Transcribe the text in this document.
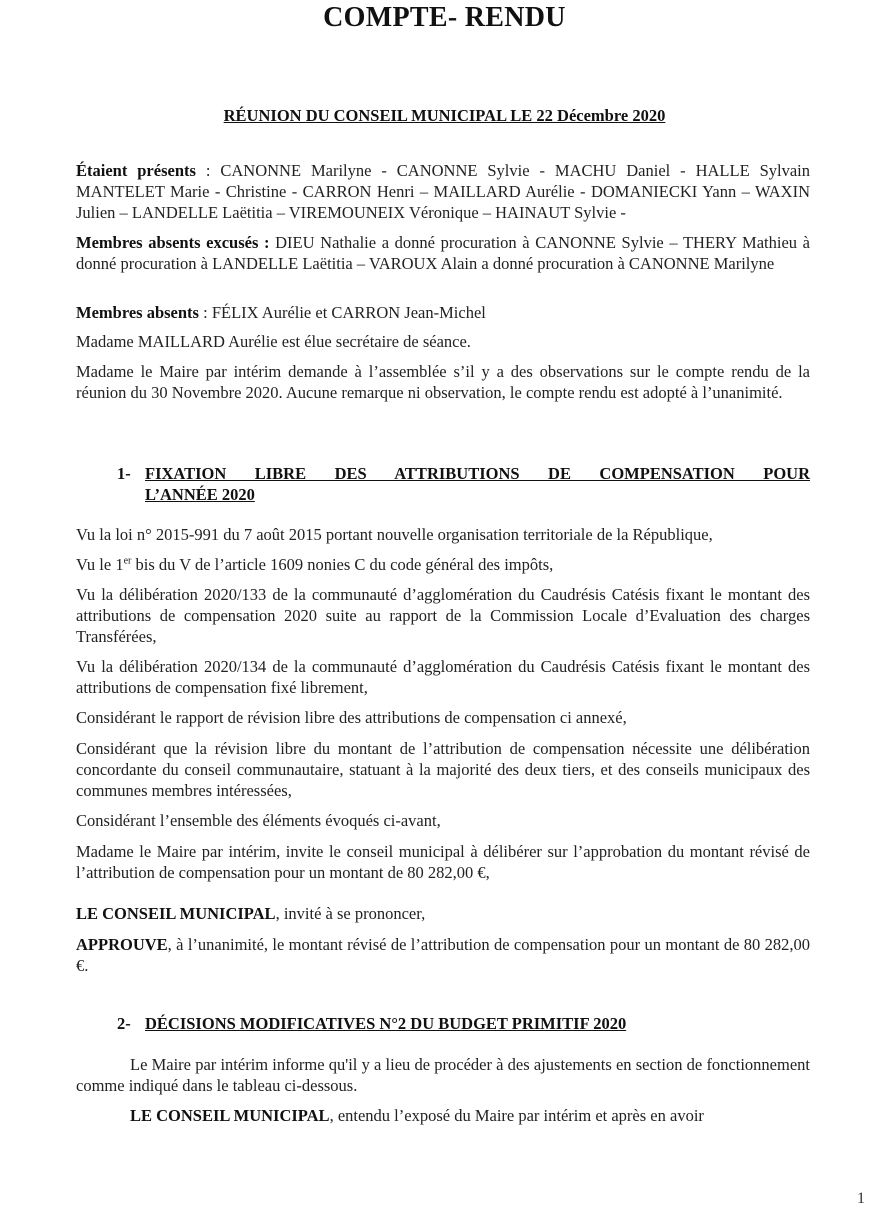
COMPTE- RENDU
RÉUNION DU CONSEIL MUNICIPAL LE 22 Décembre 2020
Étaient présents : CANONNE Marilyne - CANONNE Sylvie - MACHU Daniel - HALLE Sylvain MANTELET Marie - Christine - CARRON Henri – MAILLARD Aurélie - DOMANIECKI Yann – WAXIN Julien – LANDELLE Laëtitia – VIREMOUNEIX Véronique – HAINAUT Sylvie -
Membres absents excusés : DIEU Nathalie a donné procuration à CANONNE Sylvie – THERY Mathieu à donné procuration à LANDELLE Laëtitia – VAROUX Alain a donné procuration à CANONNE Marilyne
Membres absents : FÉLIX Aurélie et CARRON Jean-Michel
Madame MAILLARD Aurélie est élue secrétaire de séance.
Madame le Maire par intérim demande à l’assemblée s’il y a des observations sur le compte rendu de la réunion du 30 Novembre 2020. Aucune remarque ni observation, le compte rendu est adopté à l’unanimité.
1- FIXATION LIBRE DES ATTRIBUTIONS DE COMPENSATION POUR
L’ANNÉE 2020
Vu la loi n° 2015-991 du 7 août 2015 portant nouvelle organisation territoriale de la République,
Vu le 1er bis du V de l’article 1609 nonies C du code général des impôts,
Vu la délibération 2020/133 de la communauté d’agglomération du Caudrésis Catésis fixant le montant des attributions de compensation 2020 suite au rapport de la Commission Locale d’Evaluation des charges Transférées,
Vu la délibération 2020/134 de la communauté d’agglomération du Caudrésis Catésis fixant le montant des attributions de compensation fixé librement,
Considérant le rapport de révision libre des attributions de compensation ci annexé,
Considérant que la révision libre du montant de l’attribution de compensation nécessite une délibération concordante du conseil communautaire, statuant à la majorité des deux tiers, et des conseils municipaux des communes membres intéressées,
Considérant l’ensemble des éléments évoqués ci-avant,
Madame le Maire par intérim, invite le conseil municipal à délibérer sur l’approbation du montant révisé de l’attribution de compensation pour un montant de 80 282,00 €,
LE CONSEIL MUNICIPAL, invité à se prononcer,
APPROUVE, à l’unanimité, le montant révisé de l’attribution de compensation pour un montant de 80 282,00 €.
2- DÉCISIONS MODIFICATIVES N°2 DU BUDGET PRIMITIF 2020
Le Maire par intérim informe qu'il y a lieu de procéder à des ajustements en section de fonctionnement comme indiqué dans le tableau ci-dessous.
LE CONSEIL MUNICIPAL, entendu l’exposé du Maire par intérim et après en avoir
1
